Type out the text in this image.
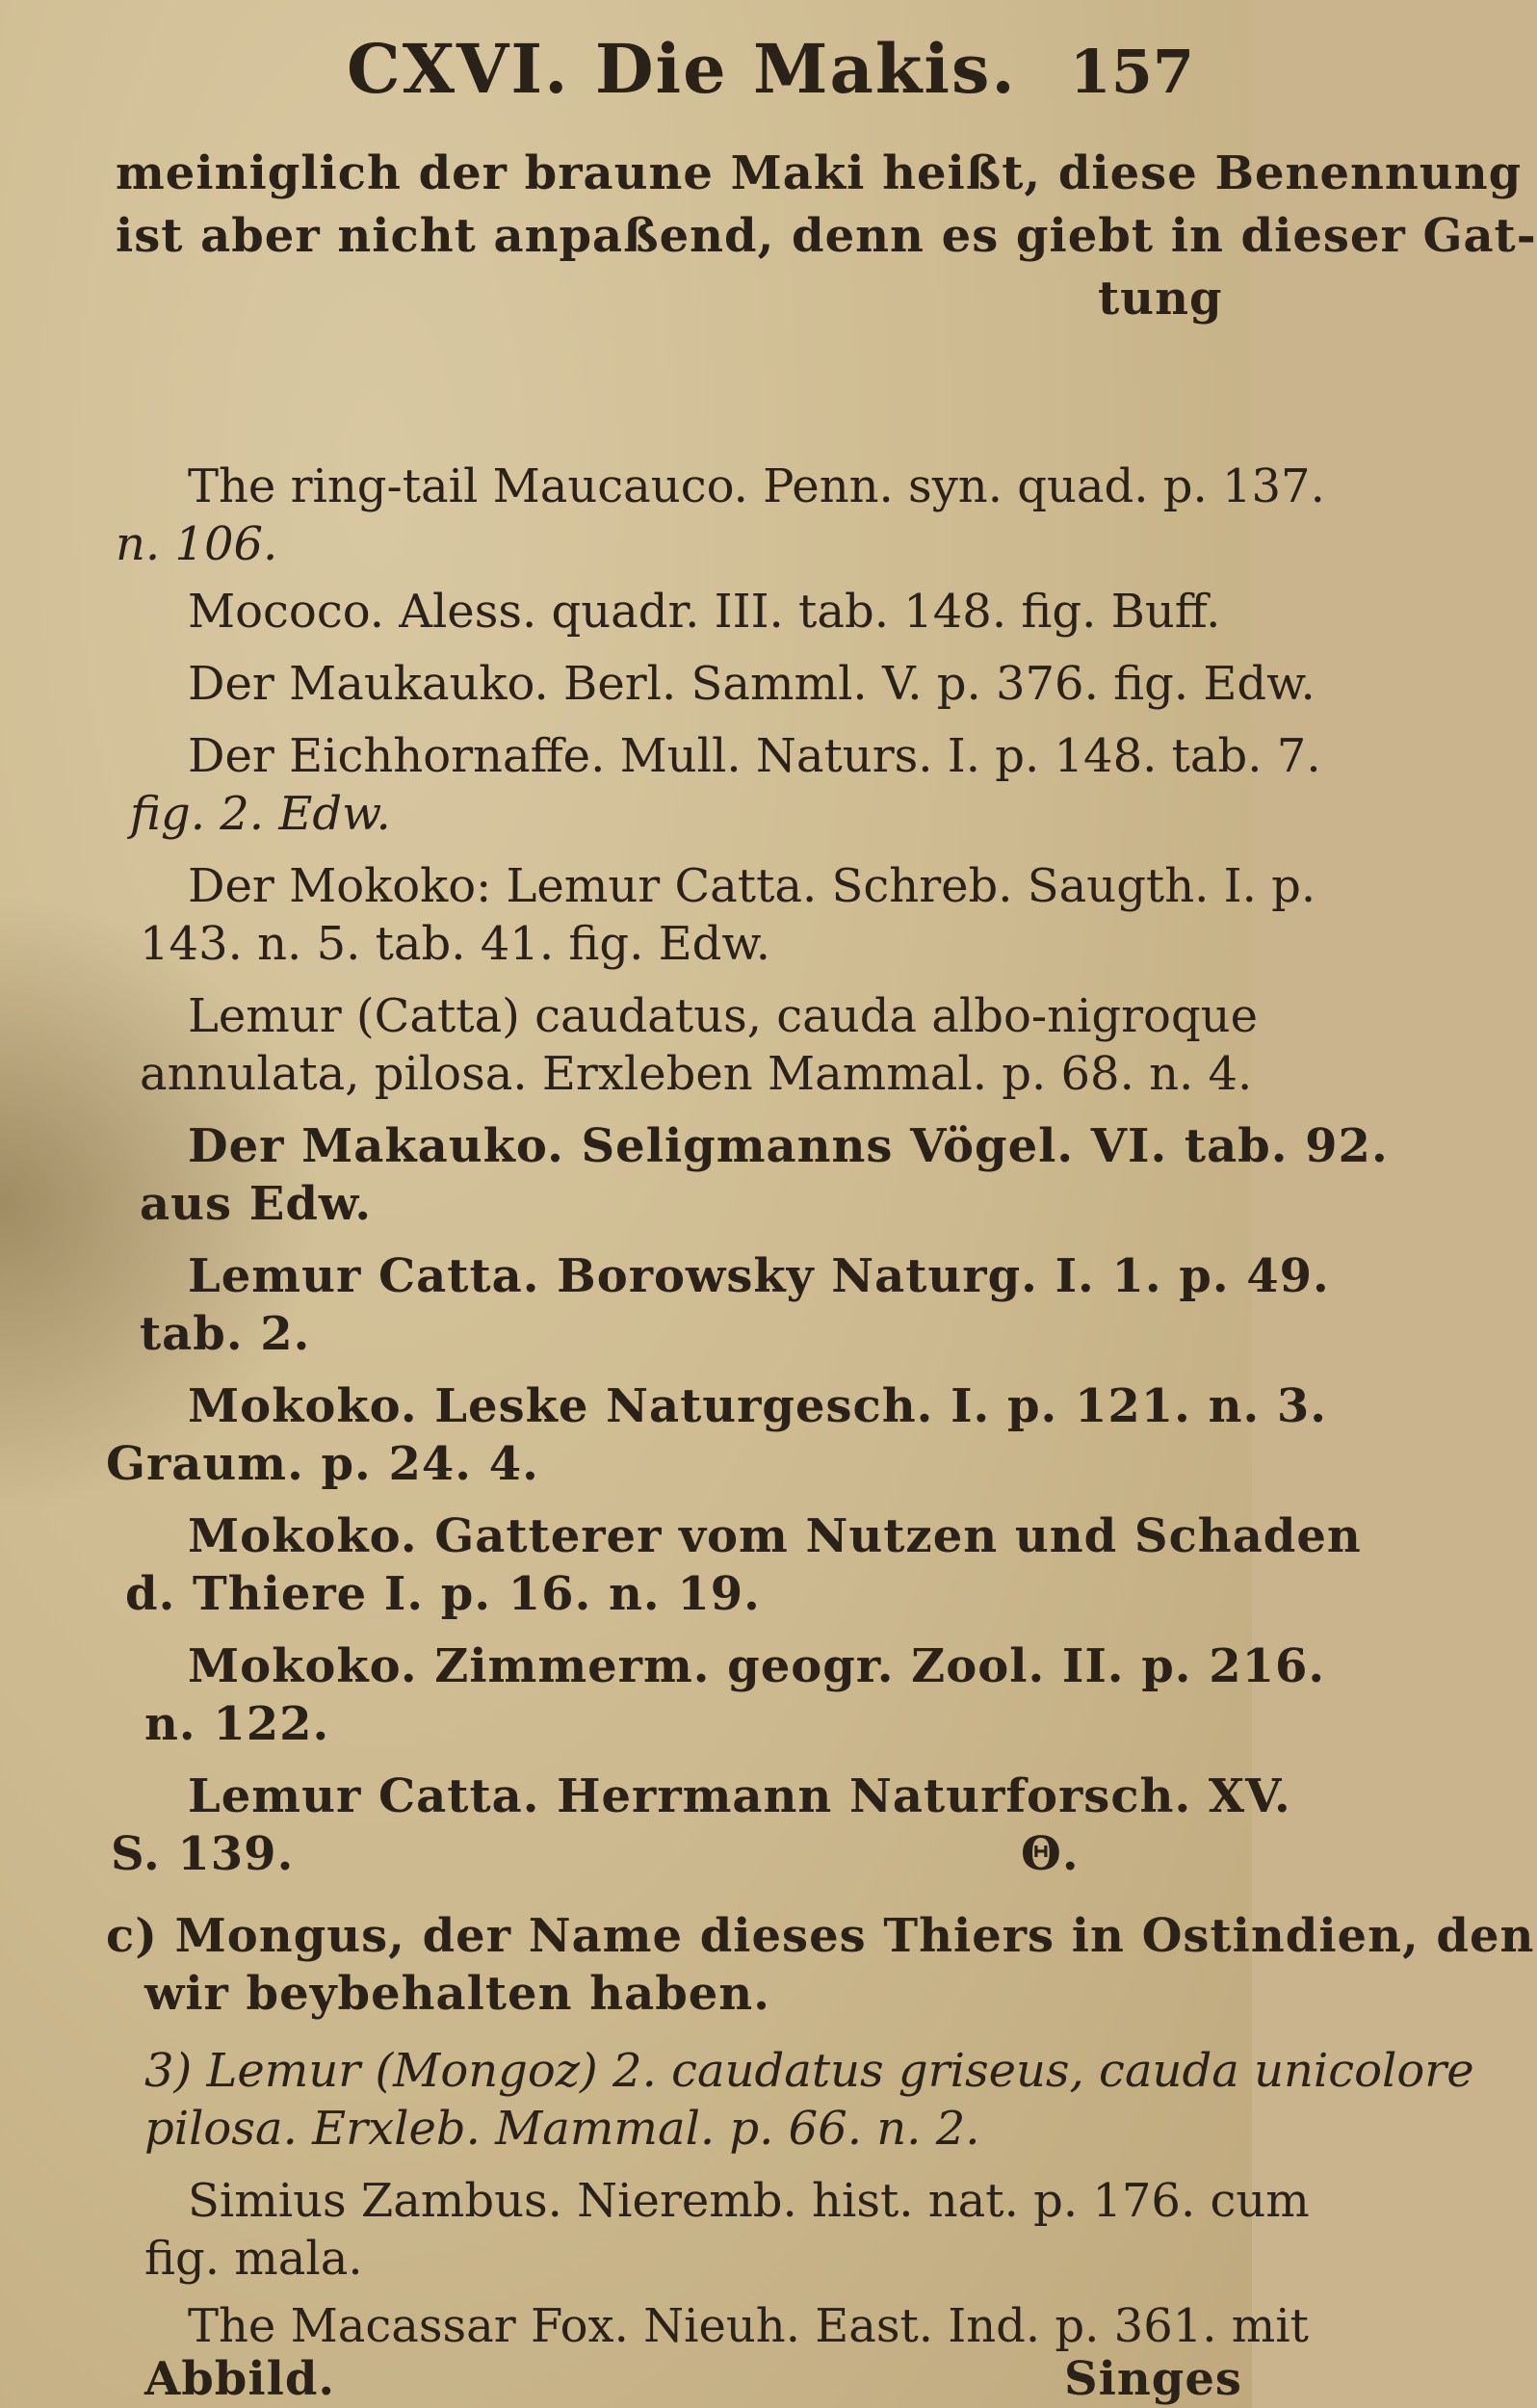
CXVI. Die Makis. 157
meiniglich der braune Maki heißt, diese Benennung
ist aber nicht anpaßend, denn es giebt in dieser Gat-
tung
The ring-tail Maucauco. Penn. syn. quad. p. 137.
n. 106.
Mococo. Aless. quadr. III. tab. 148. fig. Buff.
Der Maukauko. Berl. Samml. V. p. 376. fig. Edw.
Der Eichhornaffe. Mull. Naturs. I. p. 148. tab. 7.
fig. 2. Edw.
Der Mokoko: Lemur Catta. Schreb. Saugth. I. p.
143. n. 5. tab. 41. fig. Edw.
Lemur (Catta) caudatus, cauda albo-nigroque
annulata, pilosa. Erxleben Mammal. p. 68. n. 4.
Der Makauko. Seligmanns Vögel. VI. tab. 92.
aus Edw.
Lemur Catta. Borowsky Naturg. I. 1. p. 49.
tab. 2.
Mokoko. Leske Naturgesch. I. p. 121. n. 3.
Graum. p. 24. 4.
Mokoko. Gatterer vom Nutzen und Schaden
d. Thiere I. p. 16. n. 19.
Mokoko. Zimmerm. geogr. Zool. II. p. 216.
n. 122.
Lemur Catta. Herrmann Naturforsch. XV.
S. 139.	Θ.
c) Mongus, der Name dieses Thiers in Ostindien, den
wir beybehalten haben.
3) Lemur (Mongoz) 2. caudatus griseus, cauda unicolore
pilosa. Erxleb. Mammal. p. 66. n. 2.
Simius Zambus. Nieremb. hist. nat. p. 176. cum
fig. mala.
The Macassar Fox. Nieuh. East. Ind. p. 361. mit
Abbild.	Singes
